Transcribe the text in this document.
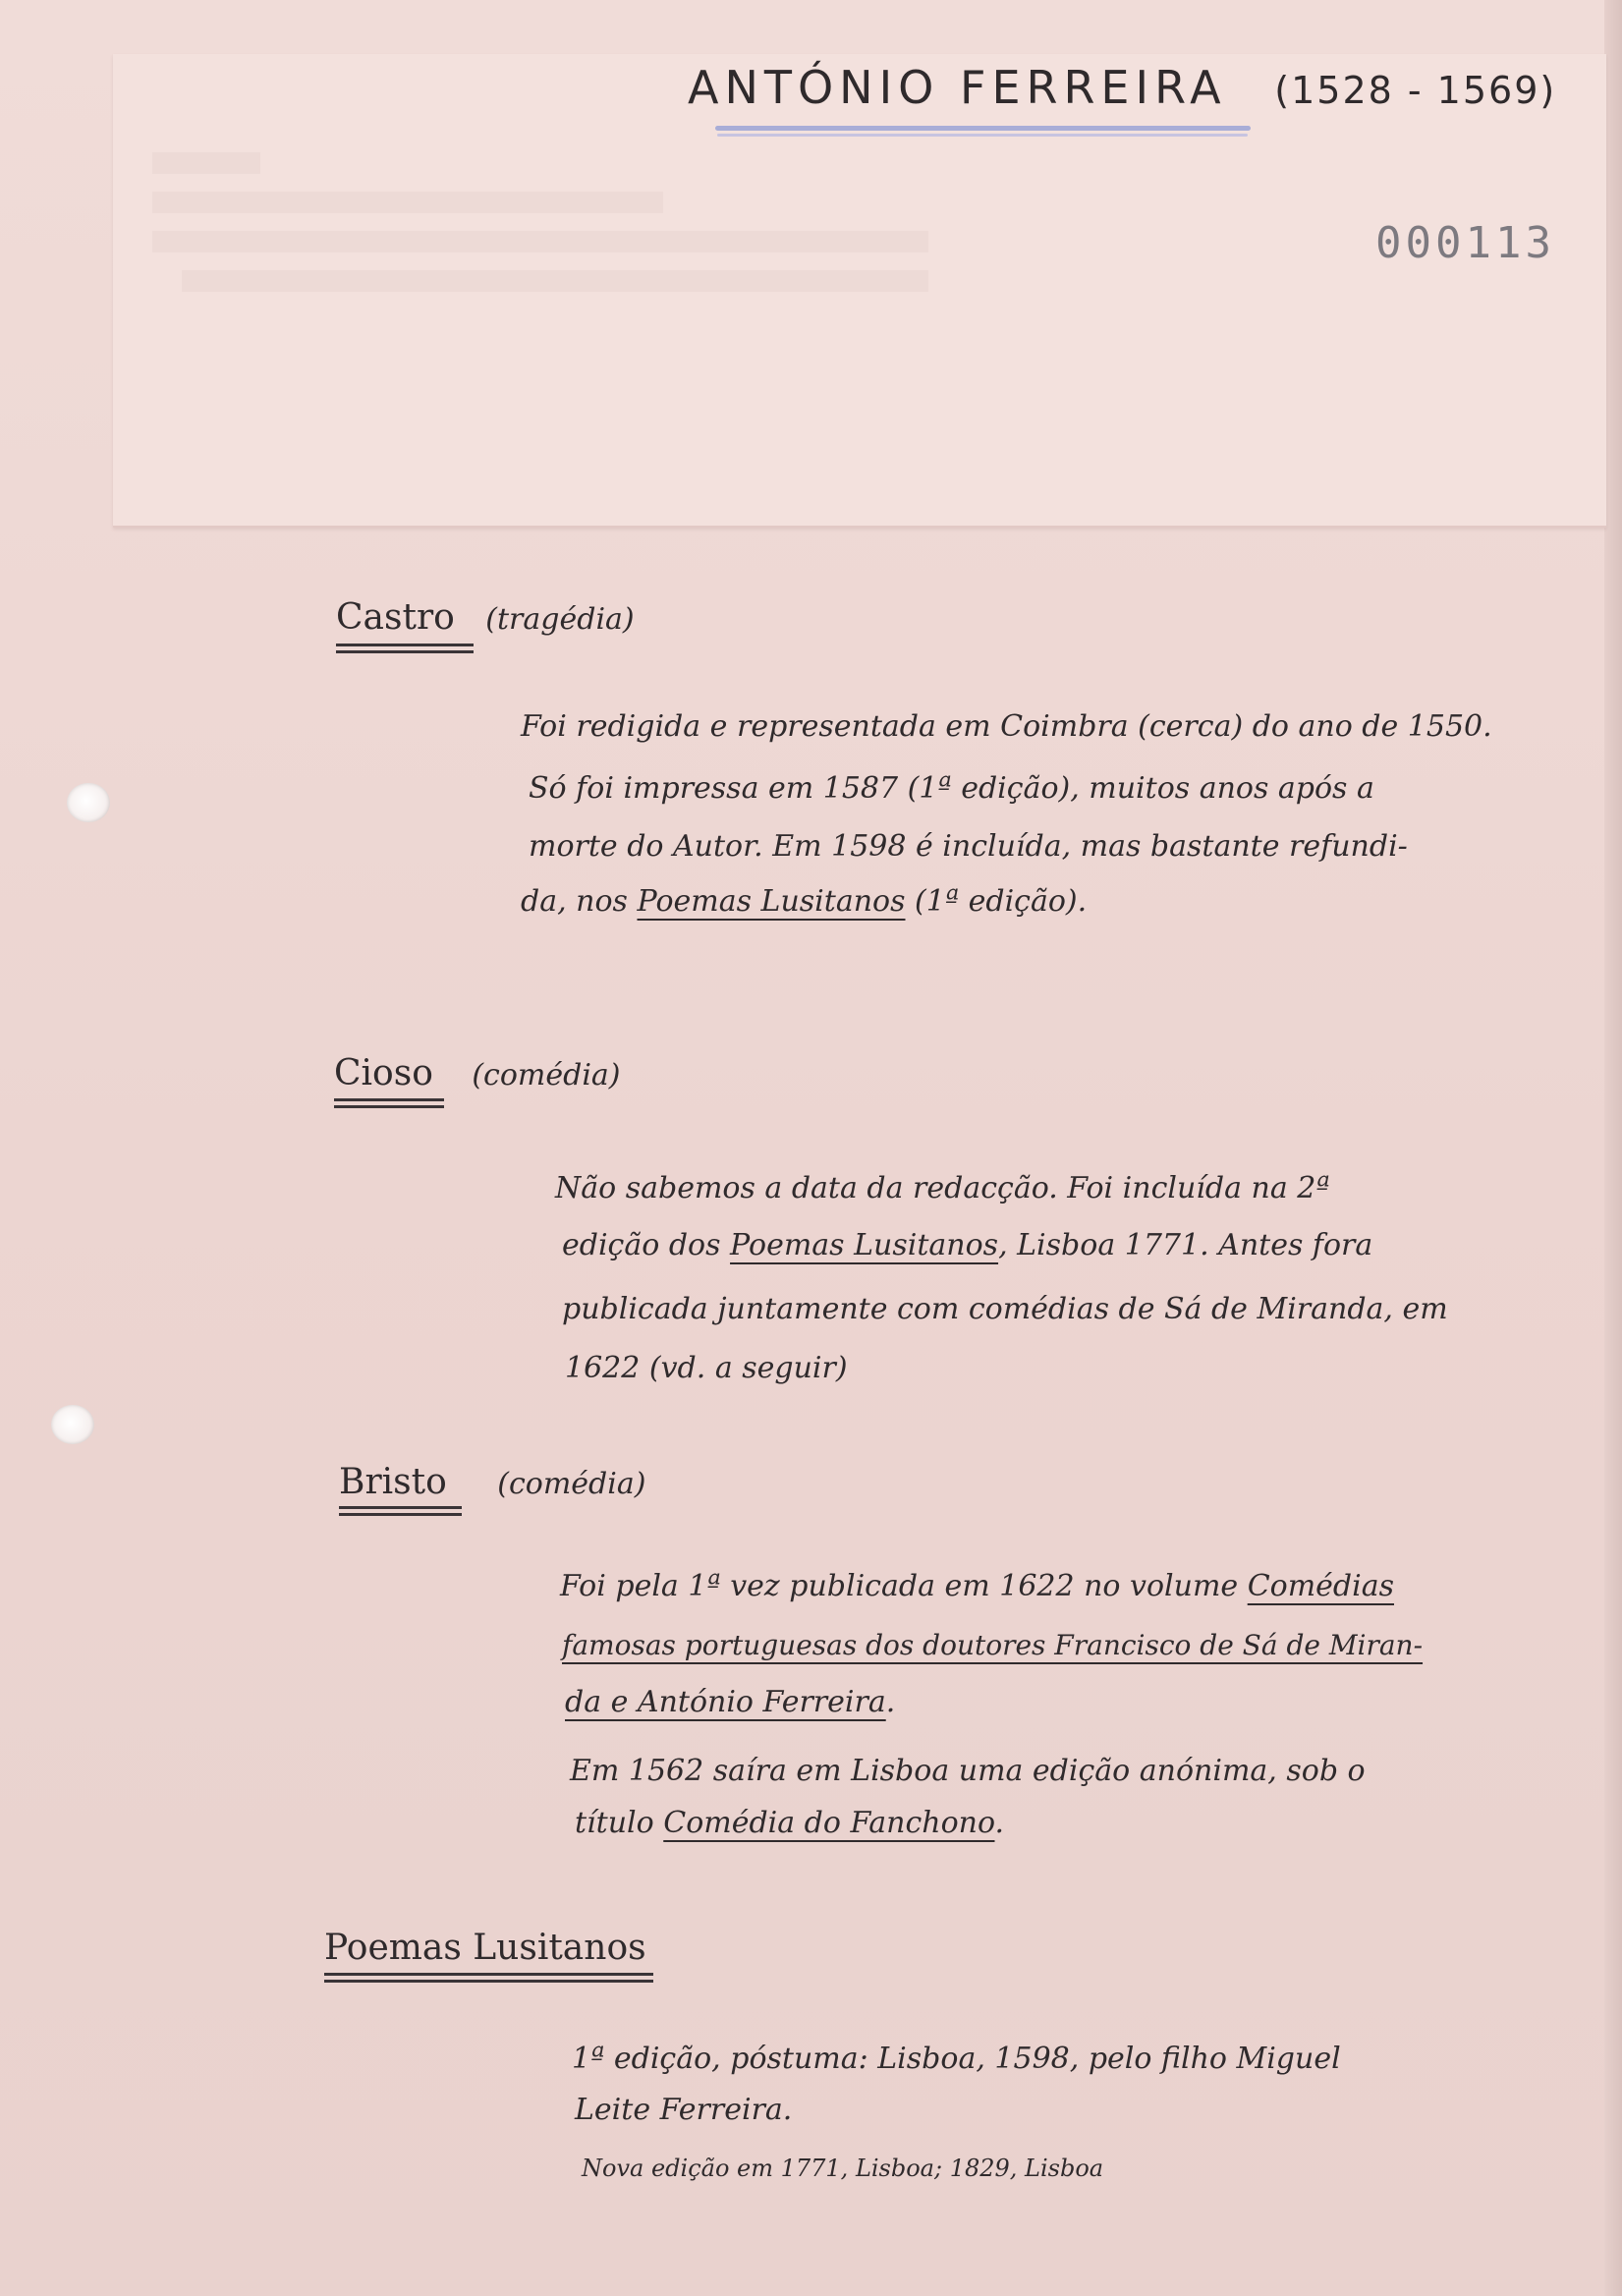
ANTÓNIO FERREIRA (1528 - 1569)
000113
Castro (tragédia)
Foi redigida e representada em Coimbra (cerca) do ano de 1550.
Só foi impressa em 1587 (1ª edição), muitos anos após a
morte do Autor. Em 1598 é incluída, mas bastante refundi-
da, nos Poemas Lusitanos (1ª edição).
Cioso (comédia)
Não sabemos a data da redacção. Foi incluída na 2ª
edição dos Poemas Lusitanos, Lisboa 1771. Antes fora
publicada juntamente com comédias de Sá de Miranda, em
1622 (vd. a seguir)
Bristo (comédia)
Foi pela 1ª vez publicada em 1622 no volume Comédias
famosas portuguesas dos doutores Francisco de Sá de Miran-
da e António Ferreira.
Em 1562 saíra em Lisboa uma edição anónima, sob o
título Comédia do Fanchono.
Poemas Lusitanos
1ª edição, póstuma: Lisboa, 1598, pelo filho Miguel
Leite Ferreira.
Nova edição em 1771, Lisboa; 1829, Lisboa
